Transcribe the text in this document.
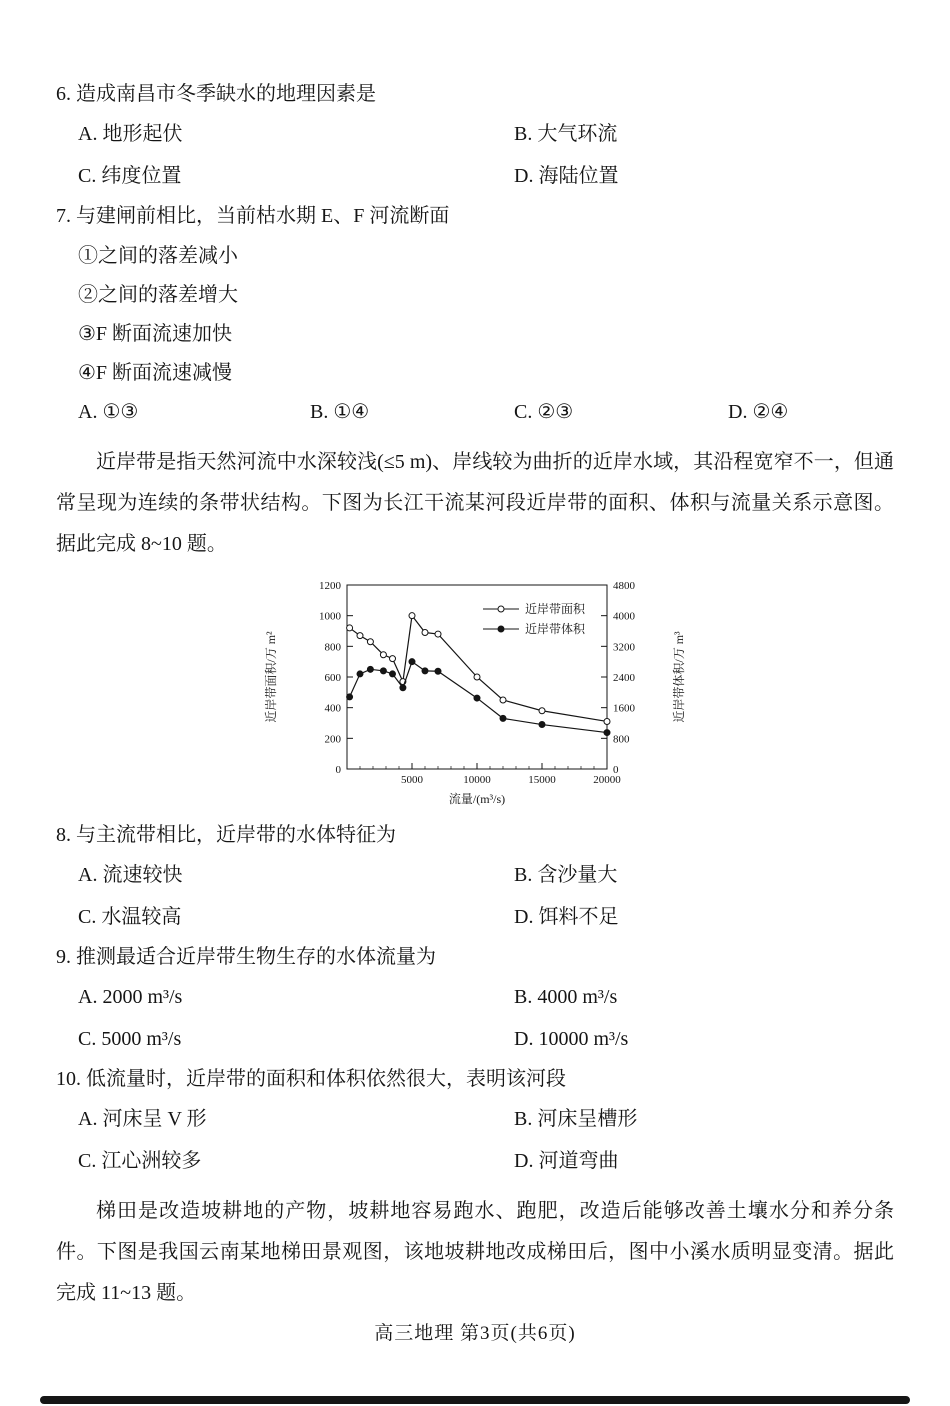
6. 造成南昌市冬季缺水的地理因素是
A. 地形起伏	B. 大气环流
C. 纬度位置	D. 海陆位置
7. 与建闸前相比，当前枯水期 E、F 河流断面
①之间的落差减小
②之间的落差增大
③F 断面流速加快
④F 断面流速减慢
A. ①③	B. ①④	C. ②③	D. ②④

近岸带是指天然河流中水深较浅(≤5 m)、岸线较为曲折的近岸水域，其沿程宽窄不一，但通常呈现为连续的条带状结构。下图为长江干流某河段近岸带的面积、体积与流量关系示意图。据此完成 8~10 题。

5000	10000	15000	20000
0
200
400
600
800
1000
1200
0
800
1600
2400
3200
4000
4800
流量/(m³/s)
近岸带面积/万 m²	近岸带体积/万 m³
近岸带面积
近岸带体积
8. 与主流带相比，近岸带的水体特征为
A. 流速较快	B. 含沙量大
C. 水温较高	D. 饵料不足
9. 推测最适合近岸带生物生存的水体流量为
A. 2000 m³/s	B. 4000 m³/s
C. 5000 m³/s	D. 10000 m³/s
10. 低流量时，近岸带的面积和体积依然很大，表明该河段
A. 河床呈 V 形	B. 河床呈槽形
C. 江心洲较多	D. 河道弯曲

梯田是改造坡耕地的产物，坡耕地容易跑水、跑肥，改造后能够改善土壤水分和养分条件。下图是我国云南某地梯田景观图，该地坡耕地改成梯田后，图中小溪水质明显变清。据此完成 11~13 题。

高三地理 第3页(共6页)
